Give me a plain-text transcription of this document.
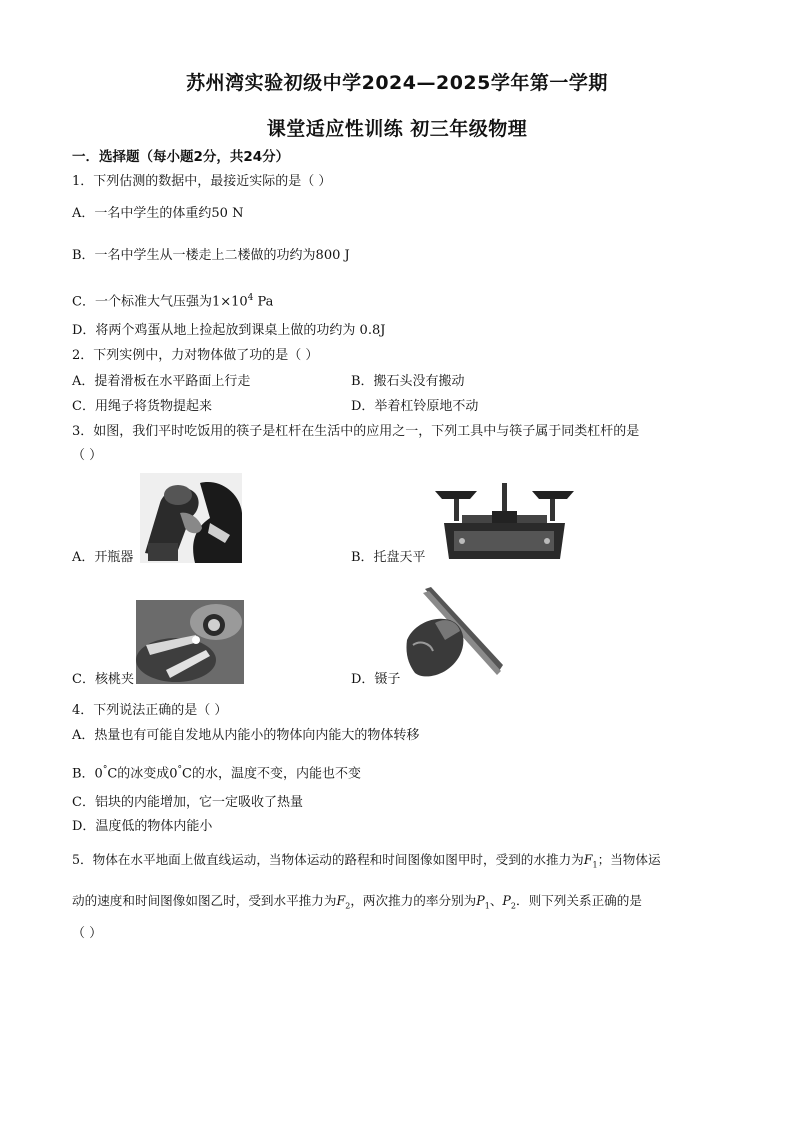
苏州湾实验初级中学2024—2025学年第一学期
课堂适应性训练 初三年级物理
一．选择题（每小题2分，共24分）
1．下列估测的数据中，最接近实际的是（ ）
A．一名中学生的体重约50 N
B．一名中学生从一楼走上二楼做的功约为800 J
C．一个标准大气压强为$1\times 10^4$ Pa
D．将两个鸡蛋从地上捡起放到课桌上做的功约为 0.8J
2．下列实例中，力对物体做了功的是（ ）
A．提着滑板在水平路面上行走	B．搬石头没有搬动
C．用绳子将货物提起来	D．举着杠铃原地不动
3．如图，我们平时吃饭用的筷子是杠杆在生活中的应用之一，下列工具中与筷子属于同类杠杆的是
（ ）
A．开瓶器	B．托盘天平
C．核桃夹	D．镊子
4．下列说法正确的是（ ）
A．热量也有可能自发地从内能小的物体向内能大的物体转移
B．0°C的冰变成0°C的水，温度不变，内能也不变
C．铝块的内能增加，它一定吸收了热量
D．温度低的物体内能小
5．物体在水平地面上做直线运动，当物体运动的路程和时间图像如图甲时，受到的水推力为$F_1$；当物体运
动的速度和时间图像如图乙时，受到水平推力为$F_2$，两次推力的率分别为$P_1$、$P_2$．则下列关系正确的是
（ ）
